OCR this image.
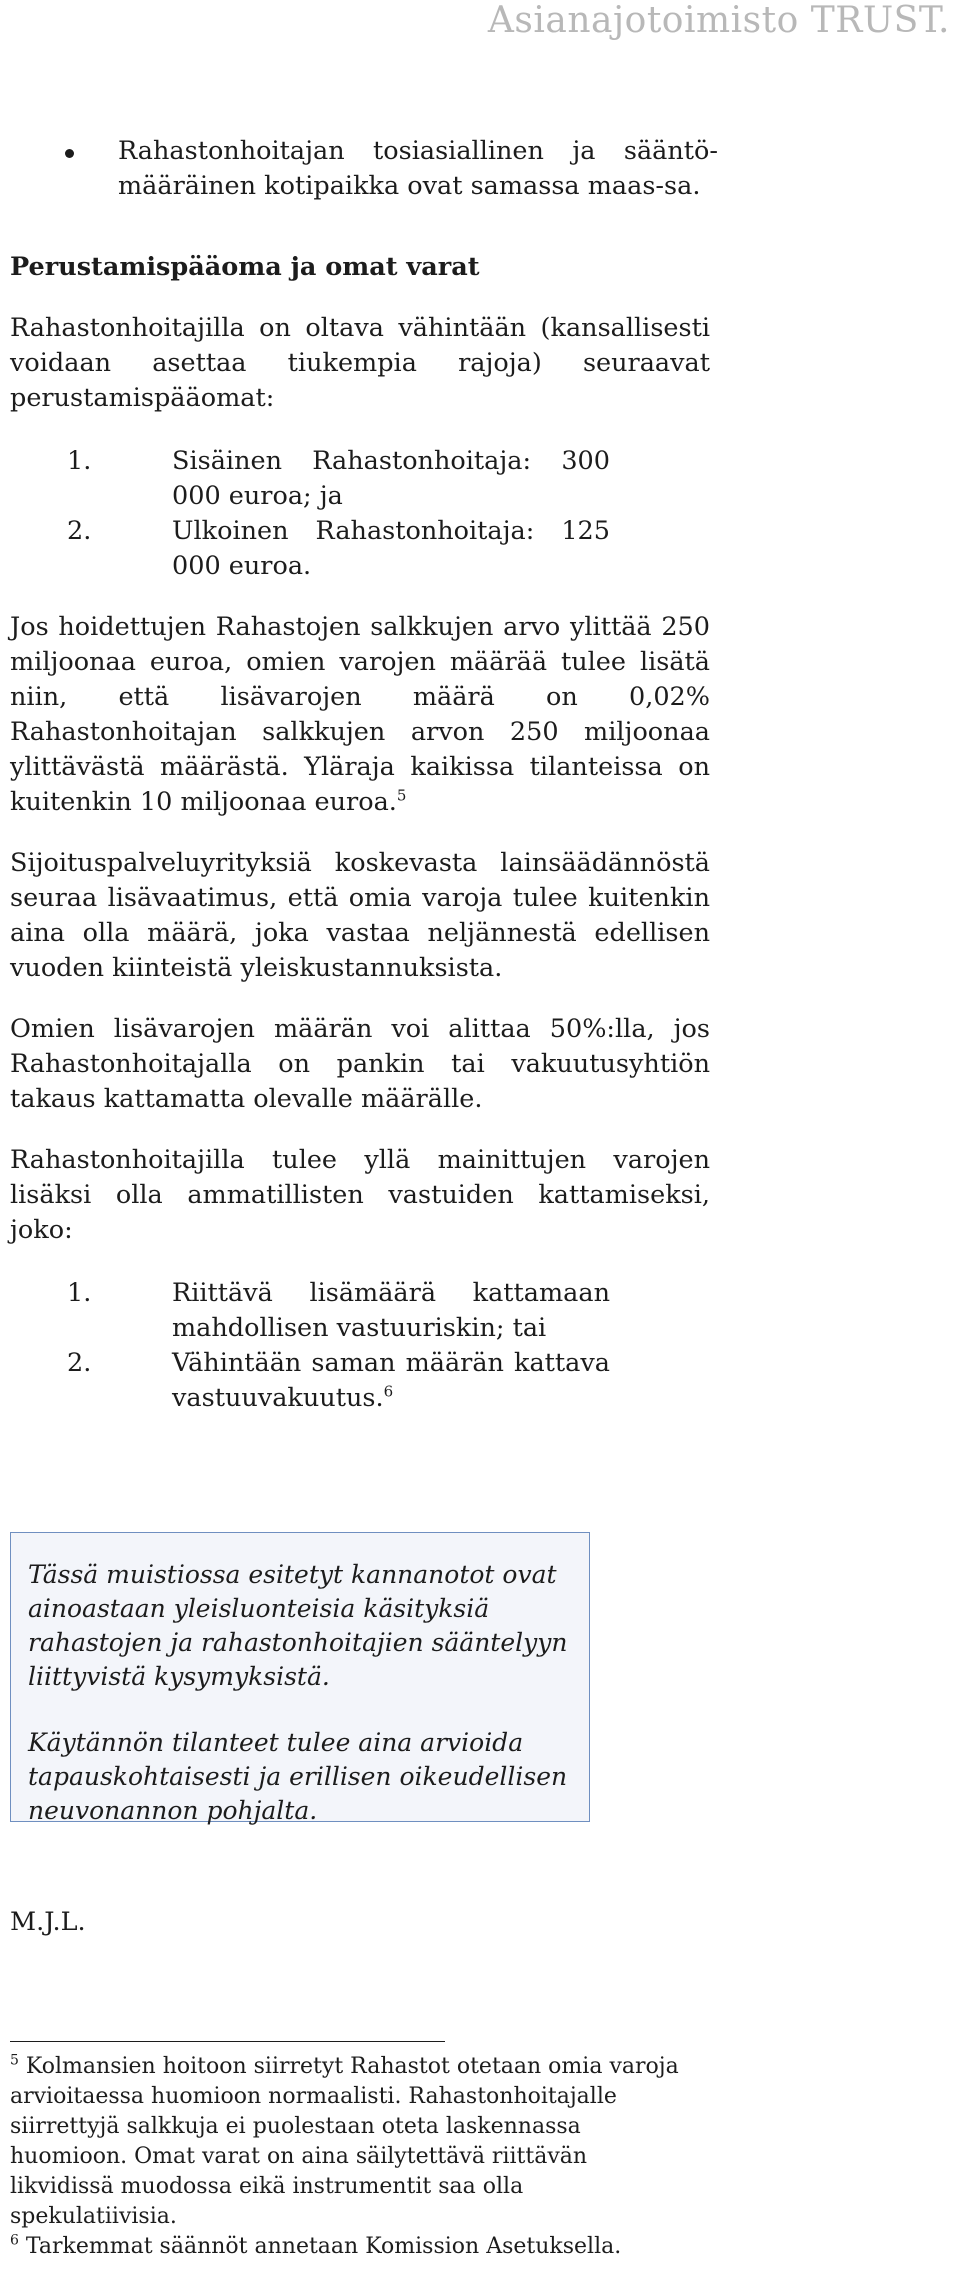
Asianajotoimisto TRUST.

Rahastonhoitajan tosiasiallinen ja sääntö-määräinen kotipaikka ovat samassa maas-sa.

Perustamispääoma ja omat varat

Rahastonhoitajilla on oltava vähintään (kansallisesti voidaan asettaa tiukempia rajoja) seuraavat perustamispääomat:

1.	Sisäinen Rahastonhoitaja: 300 000 euroa; ja
2.	Ulkoinen Rahastonhoitaja: 125 000 euroa.

Jos hoidettujen Rahastojen salkkujen arvo ylittää 250 miljoonaa euroa, omien varojen määrää tulee lisätä niin, että lisävarojen määrä on 0,02% Rahastonhoitajan salkkujen arvon 250 miljoonaa ylittävästä määrästä. Yläraja kaikissa tilanteissa on kuitenkin 10 miljoonaa euroa.$^5$

Sijoituspalveluyrityksiä koskevasta lainsäädännöstä seuraa lisävaatimus, että omia varoja tulee kuitenkin aina olla määrä, joka vastaa neljännestä edellisen vuoden kiinteistä yleiskustannuksista.

Omien lisävarojen määrän voi alittaa 50%:lla, jos Rahastonhoitajalla on pankin tai vakuutusyhtiön takaus kattamatta olevalle määrälle.

Rahastonhoitajilla tulee yllä mainittujen varojen lisäksi olla ammatillisten vastuiden kattamiseksi, joko:

1.	Riittävä lisämäärä kattamaan mahdollisen vastuuriskin; tai
2.	Vähintään saman määrän kattava vastuuvakuutus.$^6$

Tässä muistiossa esitetyt kannanotot ovat ainoastaan yleisluonteisia käsityksiä rahastojen ja rahastonhoitajien sääntelyyn liittyvistä kysymyksistä.

Käytännön tilanteet tulee aina arvioida tapauskohtaisesti ja erillisen oikeudellisen neuvonannon pohjalta.

M.J.L.

$^5$ Kolmansien hoitoon siirretyt Rahastot otetaan omia varoja arvioitaessa huomioon normaalisti. Rahastonhoitajalle siirrettyjä salkkuja ei puolestaan oteta laskennassa huomioon. Omat varat on aina säilytettävä riittävän likvidissä muodossa eikä instrumentit saa olla spekulatiivisia.

$^6$ Tarkemmat säännöt annetaan Komission Asetuksella.
